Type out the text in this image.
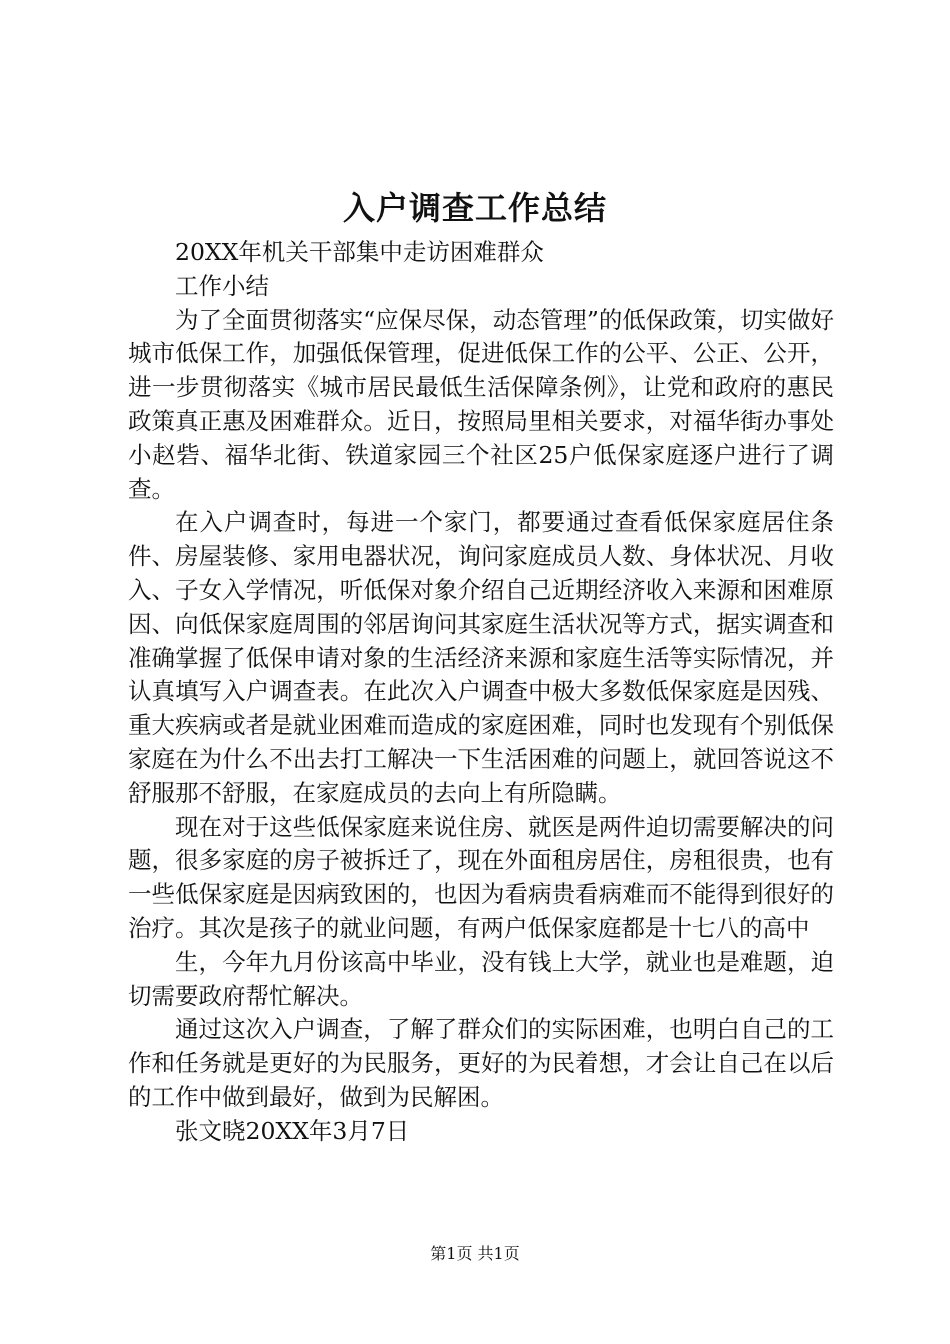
入户调查工作总结

20XX年机关干部集中走访困难群众

工作小结

为了全面贯彻落实“应保尽保，动态管理”的低保政策，切实做好城市低保工作，加强低保管理，促进低保工作的公平、公正、公开，进一步贯彻落实《城市居民最低生活保障条例》，让党和政府的惠民政策真正惠及困难群众。近日，按照局里相关要求，对福华街办事处小赵砦、福华北街、铁道家园三个社区25户低保家庭逐户进行了调查。

在入户调查时，每进一个家门，都要通过查看低保家庭居住条件、房屋装修、家用电器状况，询问家庭成员人数、身体状况、月收入、子女入学情况，听低保对象介绍自己近期经济收入来源和困难原因、向低保家庭周围的邻居询问其家庭生活状况等方式，据实调查和准确掌握了低保申请对象的生活经济来源和家庭生活等实际情况，并认真填写入户调查表。在此次入户调查中极大多数低保家庭是因残、重大疾病或者是就业困难而造成的家庭困难，同时也发现有个别低保家庭在为什么不出去打工解决一下生活困难的问题上，就回答说这不舒服那不舒服，在家庭成员的去向上有所隐瞒。

现在对于这些低保家庭来说住房、就医是两件迫切需要解决的问题，很多家庭的房子被拆迁了，现在外面租房居住，房租很贵，也有一些低保家庭是因病致困的，也因为看病贵看病难而不能得到很好的治疗。其次是孩子的就业问题，有两户低保家庭都是十七八的高中

生，今年九月份该高中毕业，没有钱上大学，就业也是难题，迫切需要政府帮忙解决。

通过这次入户调查，了解了群众们的实际困难，也明白自己的工作和任务就是更好的为民服务，更好的为民着想，才会让自己在以后的工作中做到最好，做到为民解困。

张文晓20XX年3月7日

第1页 共1页
